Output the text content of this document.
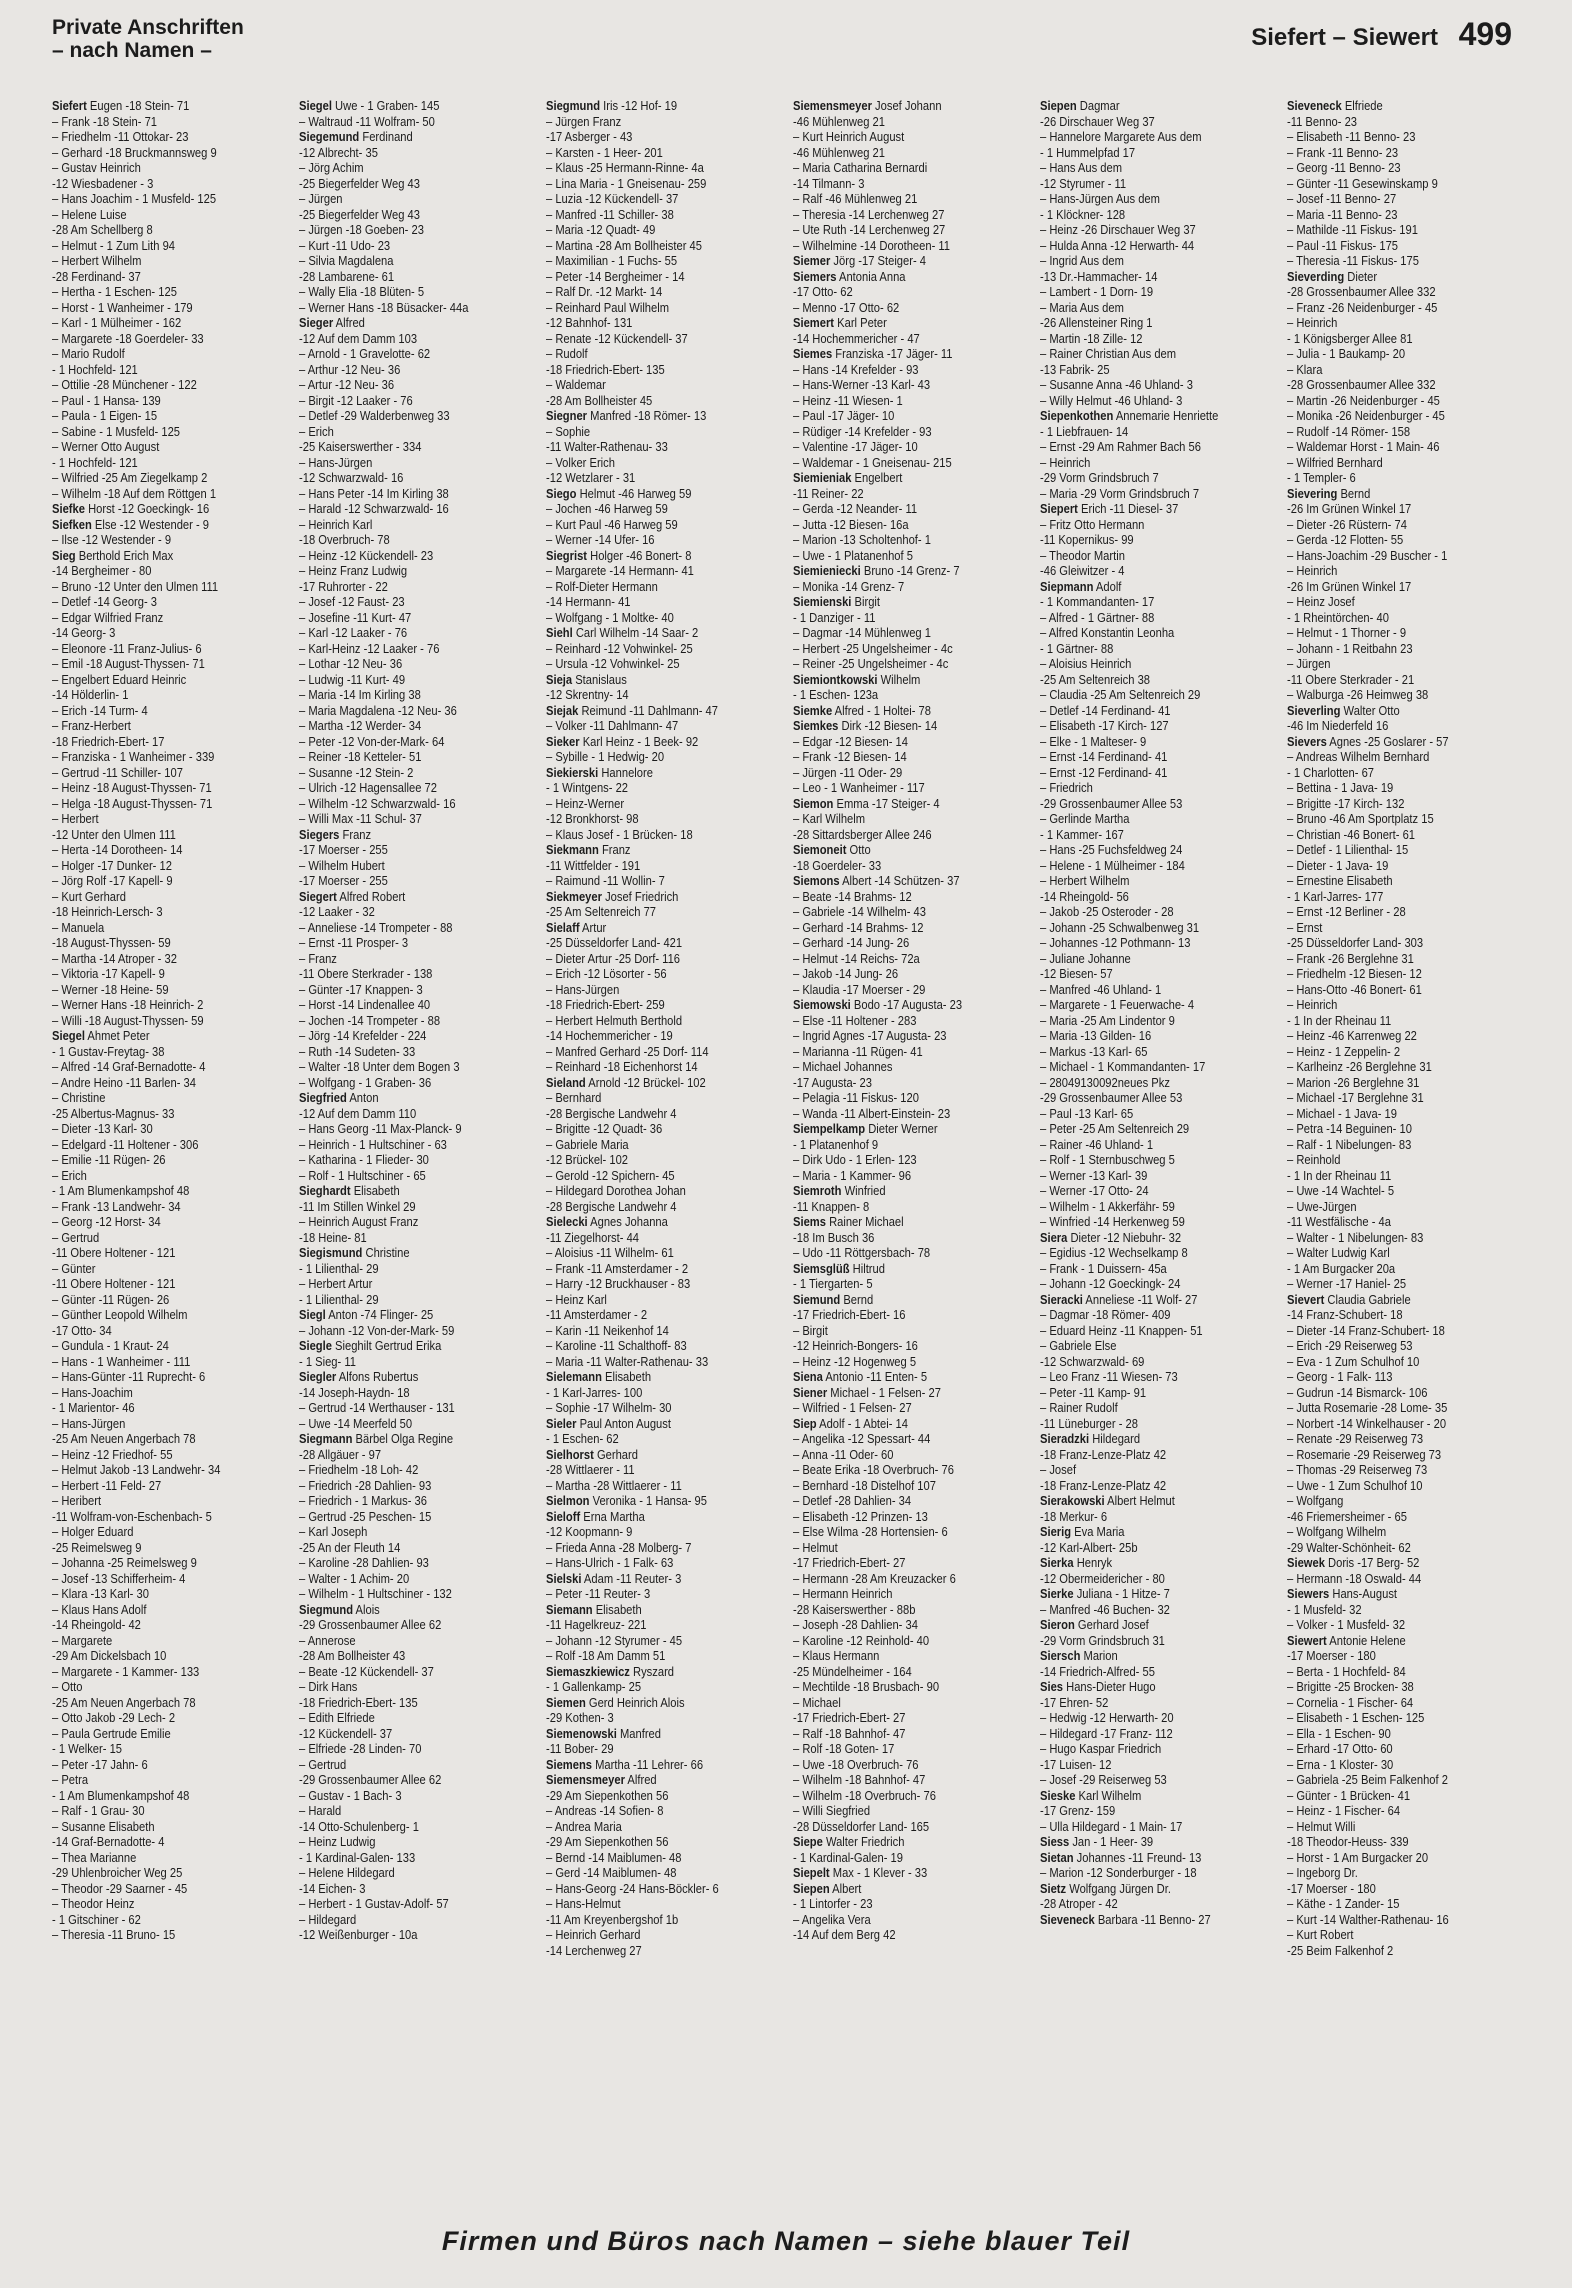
Private Anschriften
– nach Namen –	Siefert – Siewert 499
Siefert Eugen -18 Stein- 71
– Frank -18 Stein- 71
– Friedhelm -11 Ottokar- 23
– Gerhard -18 Bruckmannsweg 9
– Gustav Heinrich
-12 Wiesbadener - 3
– Hans Joachim - 1 Musfeld- 125
– Helene Luise
-28 Am Schellberg 8
– Helmut - 1 Zum Lith 94
– Herbert Wilhelm
-28 Ferdinand- 37
– Hertha - 1 Eschen- 125
– Horst - 1 Wanheimer - 179
– Karl - 1 Mülheimer - 162
– Margarete -18 Goerdeler- 33
– Mario Rudolf
- 1 Hochfeld- 121
– Ottilie -28 Münchener - 122
– Paul - 1 Hansa- 139
– Paula - 1 Eigen- 15
– Sabine - 1 Musfeld- 125
– Werner Otto August
- 1 Hochfeld- 121
– Wilfried -25 Am Ziegelkamp 2
– Wilhelm -18 Auf dem Röttgen 1
Siefke Horst -12 Goeckingk- 16
Siefken Else -12 Westender - 9
– Ilse -12 Westender - 9
Sieg Berthold Erich Max
-14 Bergheimer - 80
– Bruno -12 Unter den Ulmen 111
– Detlef -14 Georg- 3
– Edgar Wilfried Franz
-14 Georg- 3
– Eleonore -11 Franz-Julius- 6
– Emil -18 August-Thyssen- 71
– Engelbert Eduard Heinric
-14 Hölderlin- 1
– Erich -14 Turm- 4
– Franz-Herbert
-18 Friedrich-Ebert- 17
– Franziska - 1 Wanheimer - 339
– Gertrud -11 Schiller- 107
– Heinz -18 August-Thyssen- 71
– Helga -18 August-Thyssen- 71
– Herbert
-12 Unter den Ulmen 111
– Herta -14 Dorotheen- 14
– Holger -17 Dunker- 12
– Jörg Rolf -17 Kapell- 9
– Kurt Gerhard
-18 Heinrich-Lersch- 3
– Manuela
-18 August-Thyssen- 59
– Martha -14 Atroper - 32
– Viktoria -17 Kapell- 9
– Werner -18 Heine- 59
– Werner Hans -18 Heinrich- 2
– Willi -18 August-Thyssen- 59
Siegel Ahmet Peter
- 1 Gustav-Freytag- 38
– Alfred -14 Graf-Bernadotte- 4
– Andre Heino -11 Barlen- 34
– Christine
-25 Albertus-Magnus- 33
– Dieter -13 Karl- 30
– Edelgard -11 Holtener - 306
– Emilie -11 Rügen- 26
– Erich
- 1 Am Blumenkampshof 48
– Frank -13 Landwehr- 34
– Georg -12 Horst- 34
– Gertrud
-11 Obere Holtener - 121
– Günter
-11 Obere Holtener - 121
– Günter -11 Rügen- 26
– Günther Leopold Wilhelm
-17 Otto- 34
– Gundula - 1 Kraut- 24
– Hans - 1 Wanheimer - 111
– Hans-Günter -11 Ruprecht- 6
– Hans-Joachim
- 1 Marientor- 46
– Hans-Jürgen
-25 Am Neuen Angerbach 78
– Heinz -12 Friedhof- 55
– Helmut Jakob -13 Landwehr- 34
– Herbert -11 Feld- 27
– Heribert
-11 Wolfram-von-Eschenbach- 5
– Holger Eduard
-25 Reimelsweg 9
– Johanna -25 Reimelsweg 9
– Josef -13 Schifferheim- 4
– Klara -13 Karl- 30
– Klaus Hans Adolf
-14 Rheingold- 42
– Margarete
-29 Am Dickelsbach 10
– Margarete - 1 Kammer- 133
– Otto
-25 Am Neuen Angerbach 78
– Otto Jakob -29 Lech- 2
– Paula Gertrude Emilie
- 1 Welker- 15
– Peter -17 Jahn- 6
– Petra
- 1 Am Blumenkampshof 48
– Ralf - 1 Grau- 30
– Susanne Elisabeth
-14 Graf-Bernadotte- 4
– Thea Marianne
-29 Uhlenbroicher Weg 25
– Theodor -29 Saarner - 45
– Theodor Heinz
- 1 Gitschiner - 62
– Theresia -11 Bruno- 15
Siegel Uwe - 1 Graben- 145
– Waltraud -11 Wolfram- 50
Siegemund Ferdinand
-12 Albrecht- 35
– Jörg Achim
-25 Biegerfelder Weg 43
– Jürgen
-25 Biegerfelder Weg 43
– Jürgen -18 Goeben- 23
– Kurt -11 Udo- 23
– Silvia Magdalena
-28 Lambarene- 61
– Wally Elia -18 Blüten- 5
– Werner Hans -18 Büsacker- 44a
Sieger Alfred
-12 Auf dem Damm 103
– Arnold - 1 Gravelotte- 62
– Arthur -12 Neu- 36
– Artur -12 Neu- 36
– Birgit -12 Laaker - 76
– Detlef -29 Walderbenweg 33
– Erich
-25 Kaiserswerther - 334
– Hans-Jürgen
-12 Schwarzwald- 16
– Hans Peter -14 Im Kirling 38
– Harald -12 Schwarzwald- 16
– Heinrich Karl
-18 Overbruch- 78
– Heinz -12 Kückendell- 23
– Heinz Franz Ludwig
-17 Ruhrorter - 22
– Josef -12 Faust- 23
– Josefine -11 Kurt- 47
– Karl -12 Laaker - 76
– Karl-Heinz -12 Laaker - 76
– Lothar -12 Neu- 36
– Ludwig -11 Kurt- 49
– Maria -14 Im Kirling 38
– Maria Magdalena -12 Neu- 36
– Martha -12 Werder- 34
– Peter -12 Von-der-Mark- 64
– Reiner -18 Ketteler- 51
– Susanne -12 Stein- 2
– Ulrich -12 Hagensallee 72
– Wilhelm -12 Schwarzwald- 16
– Willi Max -11 Schul- 37
Siegers Franz
-17 Moerser - 255
– Wilhelm Hubert
-17 Moerser - 255
Siegert Alfred Robert
-12 Laaker - 32
– Anneliese -14 Trompeter - 88
– Ernst -11 Prosper- 3
– Franz
-11 Obere Sterkrader - 138
– Günter -17 Knappen- 3
– Horst -14 Lindenallee 40
– Jochen -14 Trompeter - 88
– Jörg -14 Krefelder - 224
– Ruth -14 Sudeten- 33
– Walter -18 Unter dem Bogen 3
– Wolfgang - 1 Graben- 36
Siegfried Anton
-12 Auf dem Damm 110
– Hans Georg -11 Max-Planck- 9
– Heinrich - 1 Hultschiner - 63
– Katharina - 1 Flieder- 30
– Rolf - 1 Hultschiner - 65
Sieghardt Elisabeth
-11 Im Stillen Winkel 29
– Heinrich August Franz
-18 Heine- 81
Siegismund Christine
- 1 Lilienthal- 29
– Herbert Artur
- 1 Lilienthal- 29
Siegl Anton -74 Flinger- 25
– Johann -12 Von-der-Mark- 59
Siegle Sieghilt Gertrud Erika
- 1 Sieg- 11
Siegler Alfons Rubertus
-14 Joseph-Haydn- 18
– Gertrud -14 Werthauser - 131
– Uwe -14 Meerfeld 50
Siegmann Bärbel Olga Regine
-28 Allgäuer - 97
– Friedhelm -18 Loh- 42
– Friedrich -28 Dahlien- 93
– Friedrich - 1 Markus- 36
– Gertrud -25 Peschen- 15
– Karl Joseph
-25 An der Fleuth 14
– Karoline -28 Dahlien- 93
– Walter - 1 Achim- 20
– Wilhelm - 1 Hultschiner - 132
Siegmund Alois
-29 Grossenbaumer Allee 62
– Annerose
-28 Am Bollheister 43
– Beate -12 Kückendell- 37
– Dirk Hans
-18 Friedrich-Ebert- 135
– Edith Elfriede
-12 Kückendell- 37
– Elfriede -28 Linden- 70
– Gertrud
-29 Grossenbaumer Allee 62
– Gustav - 1 Bach- 3
– Harald
-14 Otto-Schulenberg- 1
– Heinz Ludwig
- 1 Kardinal-Galen- 133
– Helene Hildegard
-14 Eichen- 3
– Herbert - 1 Gustav-Adolf- 57
– Hildegard
-12 Weißenburger - 10a
Siegmund Iris -12 Hof- 19
– Jürgen Franz
-17 Asberger - 43
– Karsten - 1 Heer- 201
– Klaus -25 Hermann-Rinne- 4a
– Lina Maria - 1 Gneisenau- 259
– Luzia -12 Kückendell- 37
– Manfred -11 Schiller- 38
– Maria -12 Quadt- 49
– Martina -28 Am Bollheister 45
– Maximilian - 1 Fuchs- 55
– Peter -14 Bergheimer - 14
– Ralf Dr. -12 Markt- 14
– Reinhard Paul Wilhelm
-12 Bahnhof- 131
– Renate -12 Kückendell- 37
– Rudolf
-18 Friedrich-Ebert- 135
– Waldemar
-28 Am Bollheister 45
Siegner Manfred -18 Römer- 13
– Sophie
-11 Walter-Rathenau- 33
– Volker Erich
-12 Wetzlarer - 31
Siego Helmut -46 Harweg 59
– Jochen -46 Harweg 59
– Kurt Paul -46 Harweg 59
– Werner -14 Ufer- 16
Siegrist Holger -46 Bonert- 8
– Margarete -14 Hermann- 41
– Rolf-Dieter Hermann
-14 Hermann- 41
– Wolfgang - 1 Moltke- 40
Siehl Carl Wilhelm -14 Saar- 2
– Reinhard -12 Vohwinkel- 25
– Ursula -12 Vohwinkel- 25
Sieja Stanislaus
-12 Skrentny- 14
Siejak Reimund -11 Dahlmann- 47
– Volker -11 Dahlmann- 47
Sieker Karl Heinz - 1 Beek- 92
– Sybille - 1 Hedwig- 20
Siekierski Hannelore
- 1 Wintgens- 22
– Heinz-Werner
-12 Bronkhorst- 98
– Klaus Josef - 1 Brücken- 18
Siekmann Franz
-11 Wittfelder - 191
– Raimund -11 Wollin- 7
Siekmeyer Josef Friedrich
-25 Am Seltenreich 77
Sielaff Artur
-25 Düsseldorfer Land- 421
– Dieter Artur -25 Dorf- 116
– Erich -12 Lösorter - 56
– Hans-Jürgen
-18 Friedrich-Ebert- 259
– Herbert Helmuth Berthold
-14 Hochemmericher - 19
– Manfred Gerhard -25 Dorf- 114
– Reinhard -18 Eichenhorst 14
Sieland Arnold -12 Brückel- 102
– Bernhard
-28 Bergische Landwehr 4
– Brigitte -12 Quadt- 36
– Gabriele Maria
-12 Brückel- 102
– Gerold -12 Spichern- 45
– Hildegard Dorothea Johan
-28 Bergische Landwehr 4
Sielecki Agnes Johanna
-11 Ziegelhorst- 44
– Aloisius -11 Wilhelm- 61
– Frank -11 Amsterdamer - 2
– Harry -12 Bruckhauser - 83
– Heinz Karl
-11 Amsterdamer - 2
– Karin -11 Neikenhof 14
– Karoline -11 Schalthoff- 83
– Maria -11 Walter-Rathenau- 33
Sielemann Elisabeth
- 1 Karl-Jarres- 100
– Sophie -17 Wilhelm- 30
Sieler Paul Anton August
- 1 Eschen- 62
Sielhorst Gerhard
-28 Wittlaerer - 11
– Martha -28 Wittlaerer - 11
Sielmon Veronika - 1 Hansa- 95
Sieloff Erna Martha
-12 Koopmann- 9
– Frieda Anna -28 Molberg- 7
– Hans-Ulrich - 1 Falk- 63
Sielski Adam -11 Reuter- 3
– Peter -11 Reuter- 3
Siemann Elisabeth
-11 Hagelkreuz- 221
– Johann -12 Styrumer - 45
– Rolf -18 Am Damm 51
Siemaszkiewicz Ryszard
- 1 Gallenkamp- 25
Siemen Gerd Heinrich Alois
-29 Kothen- 3
Siemenowski Manfred
-11 Bober- 29
Siemens Martha -11 Lehrer- 66
Siemensmeyer Alfred
-29 Am Siepenkothen 56
– Andreas -14 Sofien- 8
– Andrea Maria
-29 Am Siepenkothen 56
– Bernd -14 Maiblumen- 48
– Gerd -14 Maiblumen- 48
– Hans-Georg -24 Hans-Böckler- 6
– Hans-Helmut
-11 Am Kreyenbergshof 1b
– Heinrich Gerhard
-14 Lerchenweg 27
Siemensmeyer Josef Johann
-46 Mühlenweg 21
– Kurt Heinrich August
-46 Mühlenweg 21
– Maria Catharina Bernardi
-14 Tilmann- 3
– Ralf -46 Mühlenweg 21
– Theresia -14 Lerchenweg 27
– Ute Ruth -14 Lerchenweg 27
– Wilhelmine -14 Dorotheen- 11
Siemer Jörg -17 Steiger- 4
Siemers Antonia Anna
-17 Otto- 62
– Menno -17 Otto- 62
Siemert Karl Peter
-14 Hochemmericher - 47
Siemes Franziska -17 Jäger- 11
– Hans -14 Krefelder - 93
– Hans-Werner -13 Karl- 43
– Heinz -11 Wiesen- 1
– Paul -17 Jäger- 10
– Rüdiger -14 Krefelder - 93
– Valentine -17 Jäger- 10
– Waldemar - 1 Gneisenau- 215
Siemieniak Engelbert
-11 Reiner- 22
– Gerda -12 Neander- 11
– Jutta -12 Biesen- 16a
– Marion -13 Scholtenhof- 1
– Uwe - 1 Platanenhof 5
Siemieniecki Bruno -14 Grenz- 7
– Monika -14 Grenz- 7
Siemienski Birgit
- 1 Danziger - 11
– Dagmar -14 Mühlenweg 1
– Herbert -25 Ungelsheimer - 4c
– Reiner -25 Ungelsheimer - 4c
Siemiontkowski Wilhelm
- 1 Eschen- 123a
Siemke Alfred - 1 Holtei- 78
Siemkes Dirk -12 Biesen- 14
– Edgar -12 Biesen- 14
– Frank -12 Biesen- 14
– Jürgen -11 Oder- 29
– Leo - 1 Wanheimer - 117
Siemon Emma -17 Steiger- 4
– Karl Wilhelm
-28 Sittardsberger Allee 246
Siemoneit Otto
-18 Goerdeler- 33
Siemons Albert -14 Schützen- 37
– Beate -14 Brahms- 12
– Gabriele -14 Wilhelm- 43
– Gerhard -14 Brahms- 12
– Gerhard -14 Jung- 26
– Helmut -14 Reichs- 72a
– Jakob -14 Jung- 26
– Klaudia -17 Moerser - 29
Siemowski Bodo -17 Augusta- 23
– Else -11 Holtener - 283
– Ingrid Agnes -17 Augusta- 23
– Marianna -11 Rügen- 41
– Michael Johannes
-17 Augusta- 23
– Pelagia -11 Fiskus- 120
– Wanda -11 Albert-Einstein- 23
Siempelkamp Dieter Werner
- 1 Platanenhof 9
– Dirk Udo - 1 Erlen- 123
– Maria - 1 Kammer- 96
Siemroth Winfried
-11 Knappen- 8
Siems Rainer Michael
-18 Im Busch 36
– Udo -11 Röttgersbach- 78
Siemsglüß Hiltrud
- 1 Tiergarten- 5
Siemund Bernd
-17 Friedrich-Ebert- 16
– Birgit
-12 Heinrich-Bongers- 16
– Heinz -12 Hogenweg 5
Siena Antonio -11 Enten- 5
Siener Michael - 1 Felsen- 27
– Wilfried - 1 Felsen- 27
Siep Adolf - 1 Abtei- 14
– Angelika -12 Spessart- 44
– Anna -11 Oder- 60
– Beate Erika -18 Overbruch- 76
– Bernhard -18 Distelhof 107
– Detlef -28 Dahlien- 34
– Elisabeth -12 Prinzen- 13
– Else Wilma -28 Hortensien- 6
– Helmut
-17 Friedrich-Ebert- 27
– Hermann -28 Am Kreuzacker 6
– Hermann Heinrich
-28 Kaiserswerther - 88b
– Joseph -28 Dahlien- 34
– Karoline -12 Reinhold- 40
– Klaus Hermann
-25 Mündelheimer - 164
– Mechtilde -18 Brusbach- 90
– Michael
-17 Friedrich-Ebert- 27
– Ralf -18 Bahnhof- 47
– Rolf -18 Goten- 17
– Uwe -18 Overbruch- 76
– Wilhelm -18 Bahnhof- 47
– Wilhelm -18 Overbruch- 76
– Willi Siegfried
-28 Düsseldorfer Land- 165
Siepe Walter Friedrich
- 1 Kardinal-Galen- 19
Siepelt Max - 1 Klever - 33
Siepen Albert
- 1 Lintorfer - 23
– Angelika Vera
-14 Auf dem Berg 42
Siepen Dagmar
-26 Dirschauer Weg 37
– Hannelore Margarete Aus dem
- 1 Hummelpfad 17
– Hans Aus dem
-12 Styrumer - 11
– Hans-Jürgen Aus dem
- 1 Klöckner- 128
– Heinz -26 Dirschauer Weg 37
– Hulda Anna -12 Herwarth- 44
– Ingrid Aus dem
-13 Dr.-Hammacher- 14
– Lambert - 1 Dorn- 19
– Maria Aus dem
-26 Allensteiner Ring 1
– Martin -18 Zille- 12
– Rainer Christian Aus dem
-13 Fabrik- 25
– Susanne Anna -46 Uhland- 3
– Willy Helmut -46 Uhland- 3
Siepenkothen Annemarie Henriette
- 1 Liebfrauen- 14
– Ernst -29 Am Rahmer Bach 56
– Heinrich
-29 Vorm Grindsbruch 7
– Maria -29 Vorm Grindsbruch 7
Siepert Erich -11 Diesel- 37
– Fritz Otto Hermann
-11 Kopernikus- 99
– Theodor Martin
-46 Gleiwitzer - 4
Siepmann Adolf
- 1 Kommandanten- 17
– Alfred - 1 Gärtner- 88
– Alfred Konstantin Leonha
- 1 Gärtner- 88
– Aloisius Heinrich
-25 Am Seltenreich 38
– Claudia -25 Am Seltenreich 29
– Detlef -14 Ferdinand- 41
– Elisabeth -17 Kirch- 127
– Elke - 1 Malteser- 9
– Ernst -14 Ferdinand- 41
– Ernst -12 Ferdinand- 41
– Friedrich
-29 Grossenbaumer Allee 53
– Gerlinde Martha
- 1 Kammer- 167
– Hans -25 Fuchsfeldweg 24
– Helene - 1 Mülheimer - 184
– Herbert Wilhelm
-14 Rheingold- 56
– Jakob -25 Osteroder - 28
– Johann -25 Schwalbenweg 31
– Johannes -12 Pothmann- 13
– Juliane Johanne
-12 Biesen- 57
– Manfred -46 Uhland- 1
– Margarete - 1 Feuerwache- 4
– Maria -25 Am Lindentor 9
– Maria -13 Gilden- 16
– Markus -13 Karl- 65
– Michael - 1 Kommandanten- 17
– 28049130092neues Pkz
-29 Grossenbaumer Allee 53
– Paul -13 Karl- 65
– Peter -25 Am Seltenreich 29
– Rainer -46 Uhland- 1
– Rolf - 1 Sternbuschweg 5
– Werner -13 Karl- 39
– Werner -17 Otto- 24
– Wilhelm - 1 Akkerfähr- 59
– Winfried -14 Herkenweg 59
Siera Dieter -12 Niebuhr- 32
– Egidius -12 Wechselkamp 8
– Frank - 1 Duissern- 45a
– Johann -12 Goeckingk- 24
Sieracki Anneliese -11 Wolf- 27
– Dagmar -18 Römer- 409
– Eduard Heinz -11 Knappen- 51
– Gabriele Else
-12 Schwarzwald- 69
– Leo Franz -11 Wiesen- 73
– Peter -11 Kamp- 91
– Rainer Rudolf
-11 Lüneburger - 28
Sieradzki Hildegard
-18 Franz-Lenze-Platz 42
– Josef
-18 Franz-Lenze-Platz 42
Sierakowski Albert Helmut
-18 Merkur- 6
Sierig Eva Maria
-12 Karl-Albert- 25b
Sierka Henryk
-12 Obermeidericher - 80
Sierke Juliana - 1 Hitze- 7
– Manfred -46 Buchen- 32
Sieron Gerhard Josef
-29 Vorm Grindsbruch 31
Siersch Marion
-14 Friedrich-Alfred- 55
Sies Hans-Dieter Hugo
-17 Ehren- 52
– Hedwig -12 Herwarth- 20
– Hildegard -17 Franz- 112
– Hugo Kaspar Friedrich
-17 Luisen- 12
– Josef -29 Reiserweg 53
Sieske Karl Wilhelm
-17 Grenz- 159
– Ulla Hildegard - 1 Main- 17
Siess Jan - 1 Heer- 39
Sietan Johannes -11 Freund- 13
– Marion -12 Sonderburger - 18
Sietz Wolfgang Jürgen Dr.
-28 Atroper - 42
Sieveneck Barbara -11 Benno- 27
Sieveneck Elfriede
-11 Benno- 23
– Elisabeth -11 Benno- 23
– Frank -11 Benno- 23
– Georg -11 Benno- 23
– Günter -11 Gesewinskamp 9
– Josef -11 Benno- 27
– Maria -11 Benno- 23
– Mathilde -11 Fiskus- 191
– Paul -11 Fiskus- 175
– Theresia -11 Fiskus- 175
Sieverding Dieter
-28 Grossenbaumer Allee 332
– Franz -26 Neidenburger - 45
– Heinrich
- 1 Königsberger Allee 81
– Julia - 1 Baukamp- 20
– Klara
-28 Grossenbaumer Allee 332
– Martin -26 Neidenburger - 45
– Monika -26 Neidenburger - 45
– Rudolf -14 Römer- 158
– Waldemar Horst - 1 Main- 46
– Wilfried Bernhard
- 1 Templer- 6
Sievering Bernd
-26 Im Grünen Winkel 17
– Dieter -26 Rüstern- 74
– Gerda -12 Flotten- 55
– Hans-Joachim -29 Buscher - 1
– Heinrich
-26 Im Grünen Winkel 17
– Heinz Josef
- 1 Rheintörchen- 40
– Helmut - 1 Thorner - 9
– Johann - 1 Reitbahn 23
– Jürgen
-11 Obere Sterkrader - 21
– Walburga -26 Heimweg 38
Sieverling Walter Otto
-46 Im Niederfeld 16
Sievers Agnes -25 Goslarer - 57
– Andreas Wilhelm Bernhard
- 1 Charlotten- 67
– Bettina - 1 Java- 19
– Brigitte -17 Kirch- 132
– Bruno -46 Am Sportplatz 15
– Christian -46 Bonert- 61
– Detlef - 1 Lilienthal- 15
– Dieter - 1 Java- 19
– Ernestine Elisabeth
- 1 Karl-Jarres- 177
– Ernst -12 Berliner - 28
– Ernst
-25 Düsseldorfer Land- 303
– Frank -26 Berglehne 31
– Friedhelm -12 Biesen- 12
– Hans-Otto -46 Bonert- 61
– Heinrich
- 1 In der Rheinau 11
– Heinz -46 Karrenweg 22
– Heinz - 1 Zeppelin- 2
– Karlheinz -26 Berglehne 31
– Marion -26 Berglehne 31
– Michael -17 Berglehne 31
– Michael - 1 Java- 19
– Petra -14 Beguinen- 10
– Ralf - 1 Nibelungen- 83
– Reinhold
- 1 In der Rheinau 11
– Uwe -14 Wachtel- 5
– Uwe-Jürgen
-11 Westfälische - 4a
– Walter - 1 Nibelungen- 83
– Walter Ludwig Karl
- 1 Am Burgacker 20a
– Werner -17 Haniel- 25
Sievert Claudia Gabriele
-14 Franz-Schubert- 18
– Dieter -14 Franz-Schubert- 18
– Erich -29 Reiserweg 53
– Eva - 1 Zum Schulhof 10
– Georg - 1 Falk- 113
– Gudrun -14 Bismarck- 106
– Jutta Rosemarie -28 Lome- 35
– Norbert -14 Winkelhauser - 20
– Renate -29 Reiserweg 73
– Rosemarie -29 Reiserweg 73
– Thomas -29 Reiserweg 73
– Uwe - 1 Zum Schulhof 10
– Wolfgang
-46 Friemersheimer - 65
– Wolfgang Wilhelm
-29 Walter-Schönheit- 62
Siewek Doris -17 Berg- 52
– Hermann -18 Oswald- 44
Siewers Hans-August
- 1 Musfeld- 32
– Volker - 1 Musfeld- 32
Siewert Antonie Helene
-17 Moerser - 180
– Berta - 1 Hochfeld- 84
– Brigitte -25 Brocken- 38
– Cornelia - 1 Fischer- 64
– Elisabeth - 1 Eschen- 125
– Ella - 1 Eschen- 90
– Erhard -17 Otto- 60
– Erna - 1 Kloster- 30
– Gabriela -25 Beim Falkenhof 2
– Günter - 1 Brücken- 41
– Heinz - 1 Fischer- 64
– Helmut Willi
-18 Theodor-Heuss- 339
– Horst - 1 Am Burgacker 20
– Ingeborg Dr.
-17 Moerser - 180
– Käthe - 1 Zander- 15
– Kurt -14 Walther-Rathenau- 16
– Kurt Robert
-25 Beim Falkenhof 2
Firmen und Büros nach Namen – siehe blauer Teil
